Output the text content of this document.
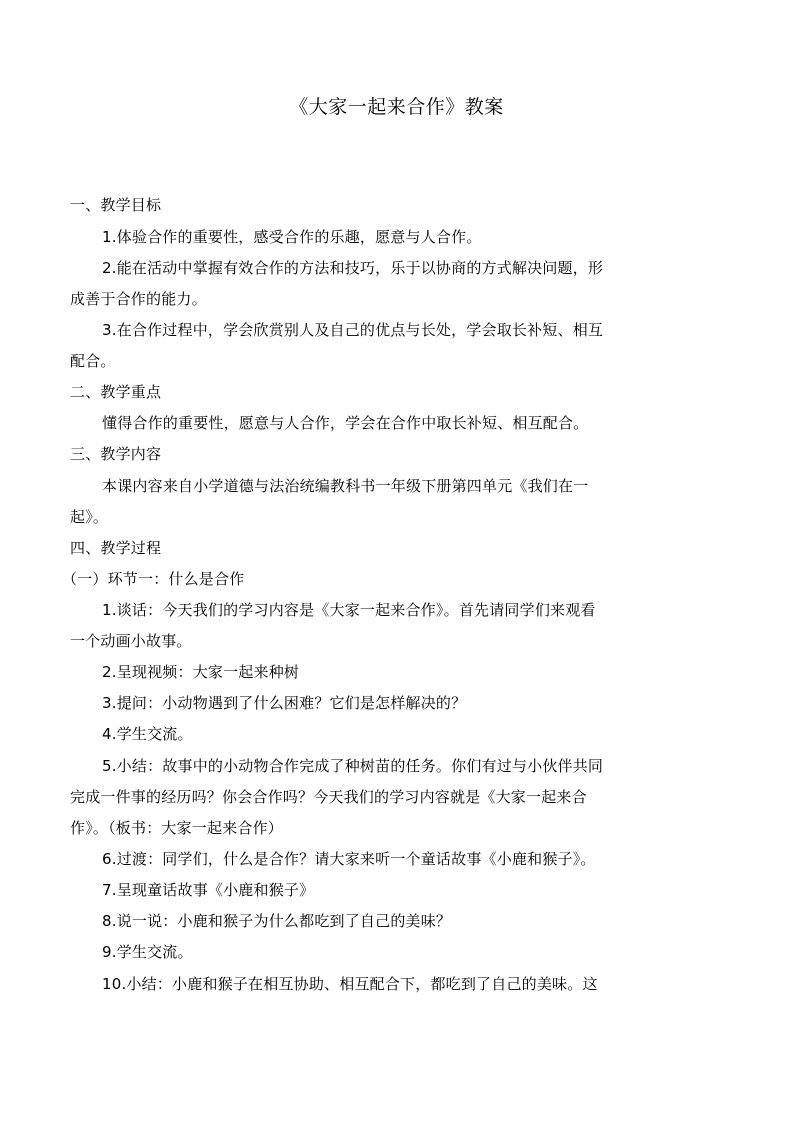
《大家一起来合作》教案
一、教学目标
1.体验合作的重要性，感受合作的乐趣，愿意与人合作。
2.能在活动中掌握有效合作的方法和技巧，乐于以协商的方式解决问题，形
成善于合作的能力。
3.在合作过程中，学会欣赏别人及自己的优点与长处，学会取长补短、相互
配合。
二、教学重点
懂得合作的重要性，愿意与人合作，学会在合作中取长补短、相互配合。
三、教学内容
本课内容来自小学道德与法治统编教科书一年级下册第四单元《我们在一
起》。
四、教学过程
（一）环节一：什么是合作
1.谈话：今天我们的学习内容是《大家一起来合作》。首先请同学们来观看
一个动画小故事。
2.呈现视频：大家一起来种树
3.提问：小动物遇到了什么困难？它们是怎样解决的？
4.学生交流。
5.小结：故事中的小动物合作完成了种树苗的任务。你们有过与小伙伴共同
完成一件事的经历吗？你会合作吗？今天我们的学习内容就是《大家一起来合
作》。（板书：大家一起来合作）
6.过渡：同学们，什么是合作？请大家来听一个童话故事《小鹿和猴子》。
7.呈现童话故事《小鹿和猴子》
8.说一说：小鹿和猴子为什么都吃到了自己的美味？
9.学生交流。
10.小结：小鹿和猴子在相互协助、相互配合下，都吃到了自己的美味。这
